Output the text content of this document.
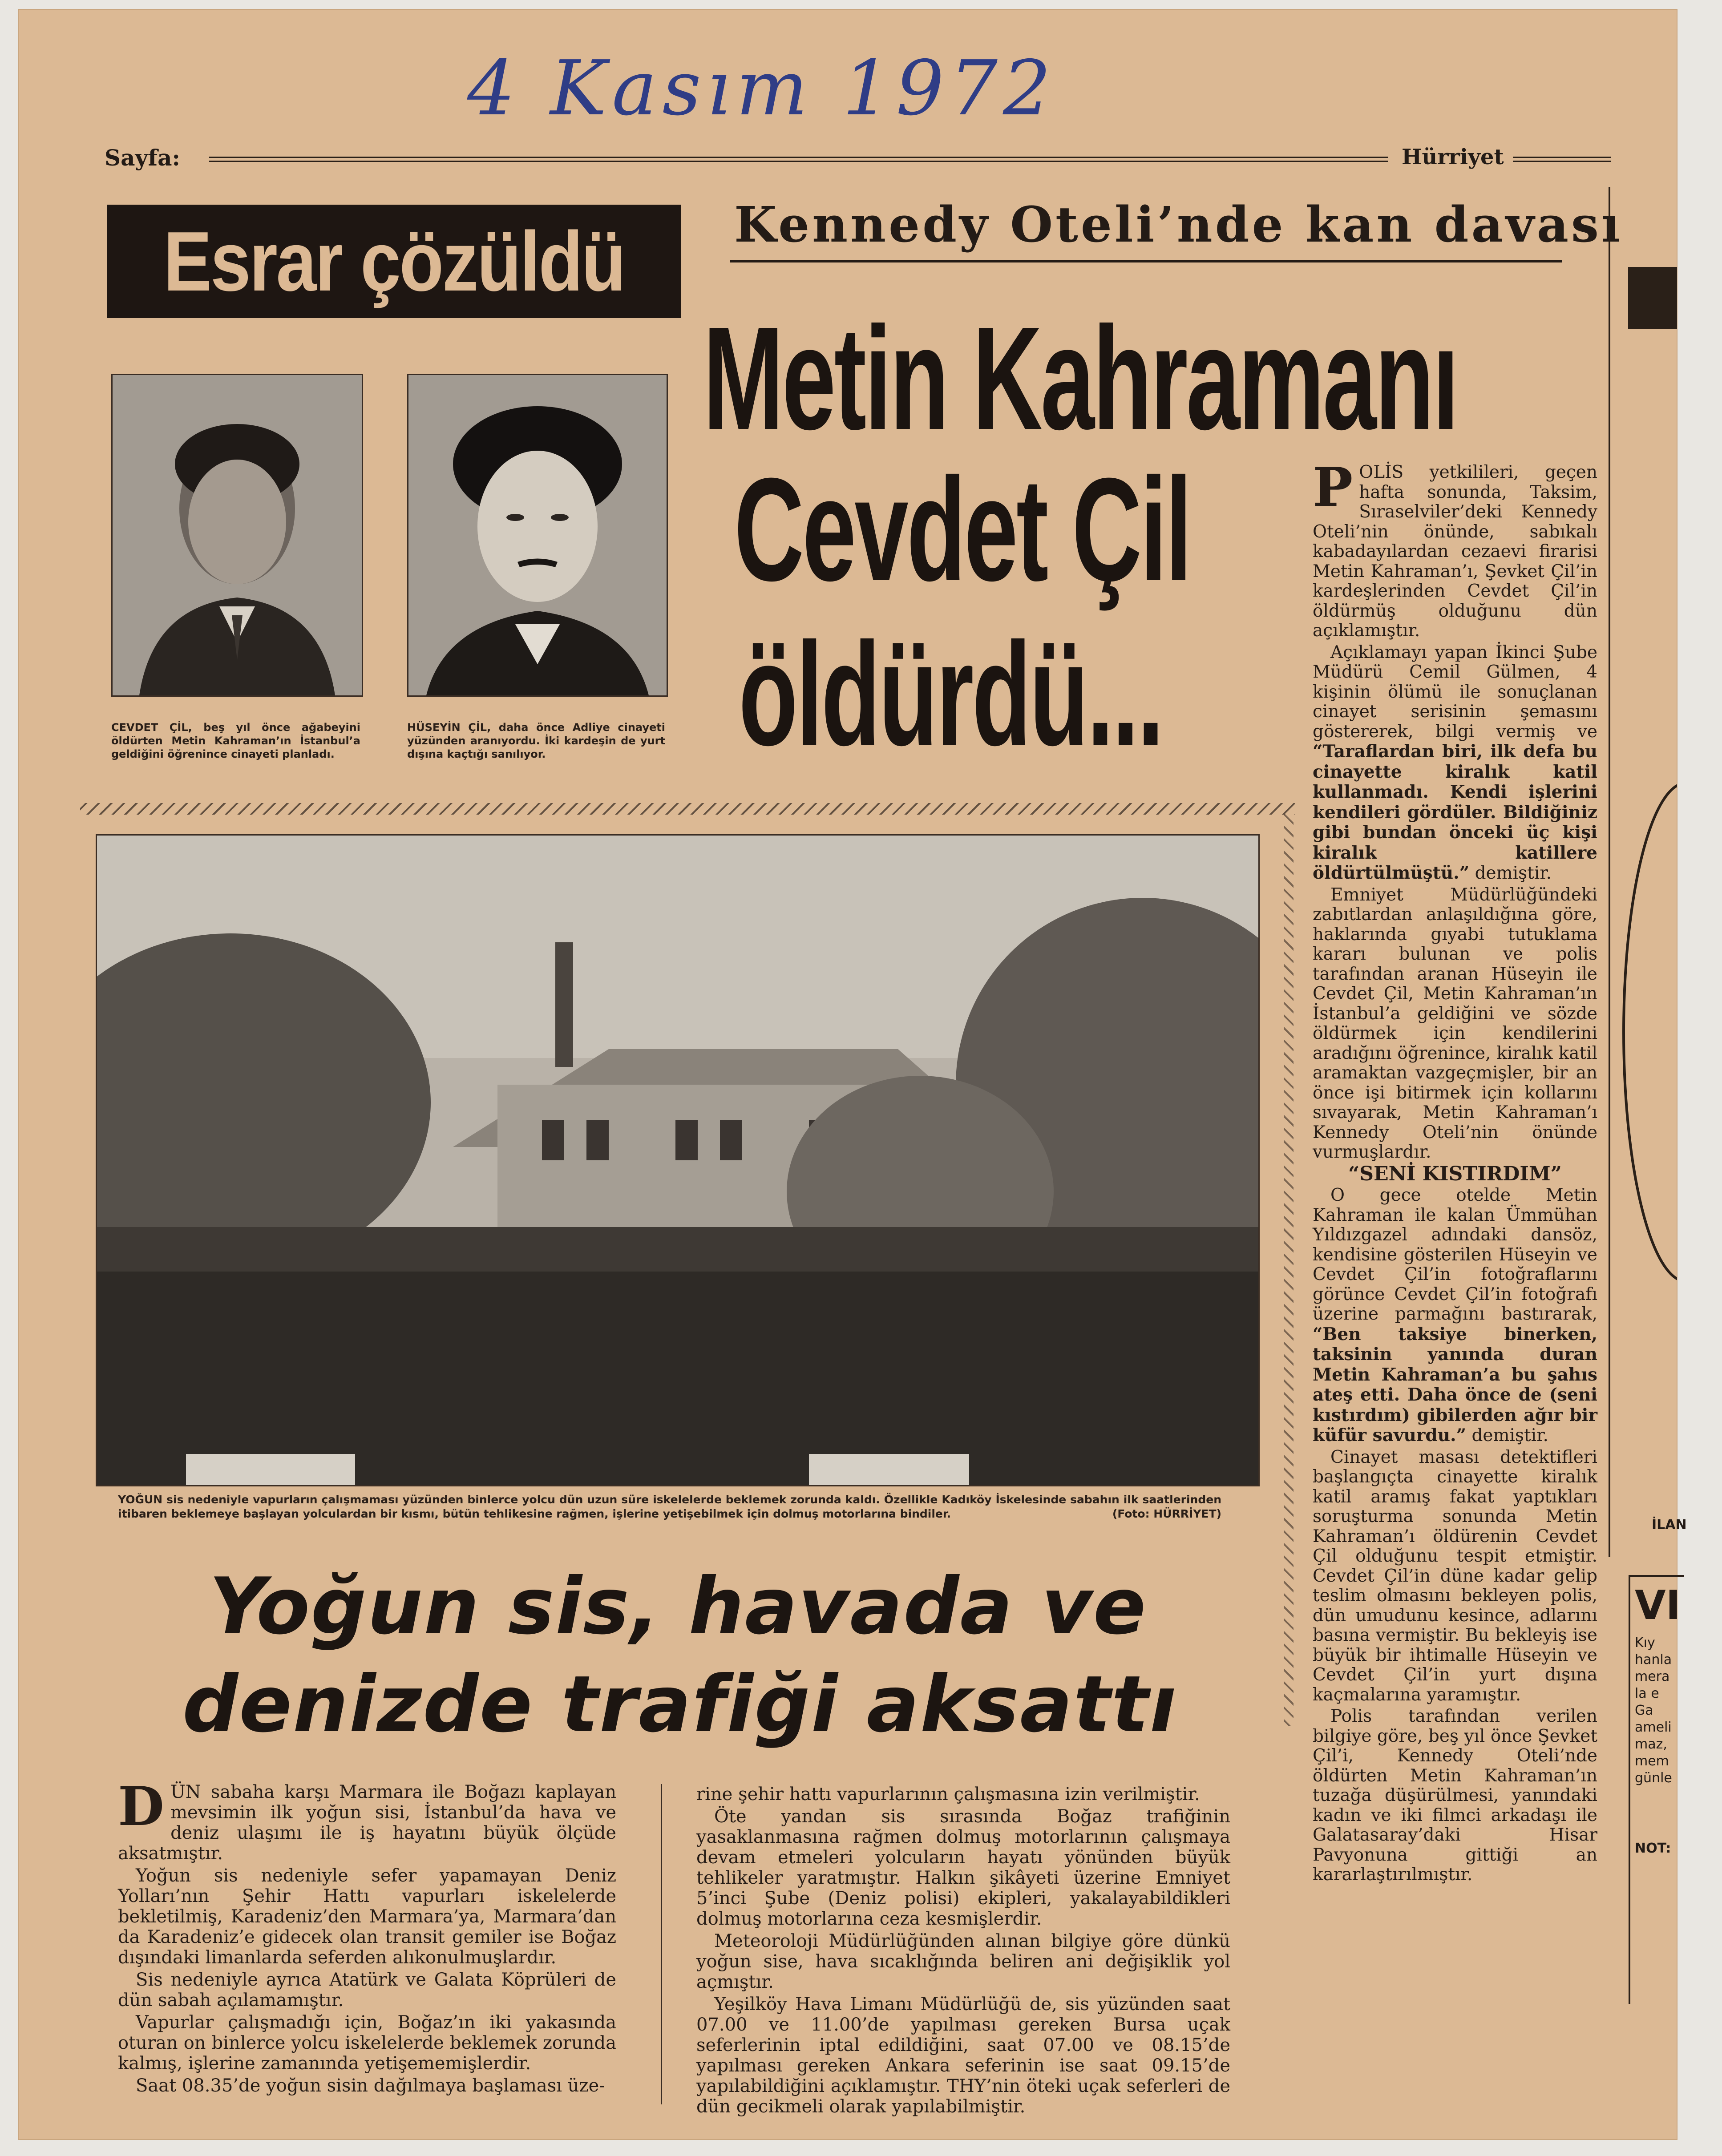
4 Kasım 1972
Sayfa:	Hürriyet
Esrar çözüldü Kennedy Oteli’nde kan davası
Metin Kahramanı
Cevdet Çil
öldürdü...
CEVDET ÇİL, beş yıl önce ağabeyini öldürten Metin Kahraman’ın İstanbul’a geldiğini öğrenince cinayeti planladı.
HÜSEYİN ÇİL, daha önce Adliye cinayeti yüzünden aranıyordu. İki kardeşin de yurt dışına kaçtığı sanılıyor.
YOĞUN sis nedeniyle vapurların çalışmaması yüzünden binlerce yolcu dün uzun süre iskelelerde beklemek zorunda kaldı. Özellikle Kadıköy İskelesinde sabahın ilk saatlerinden itibaren beklemeye başlayan yolculardan bir kısmı, bütün tehlikesine rağmen, işlerine yetişebilmek için dolmuş motorlarına bindiler.	(Foto: HÜRRİYET)
Yoğun sis, havada ve
denizde trafiği aksattı

DÜN sabaha karşı Marmara ile Boğazı kaplayan mevsimin ilk yoğun sisi, İstanbul’da hava ve deniz ulaşımı ile iş hayatını büyük ölçüde aksatmıştır.

Yoğun sis nedeniyle sefer yapamayan Deniz Yolları’nın Şehir Hattı vapurları iskelelerde bekletilmiş, Karadeniz’den Marmara’ya, Marmara’dan da Karadeniz’e gidecek olan transit gemiler ise Boğaz dışındaki limanlarda seferden alıkonulmuşlardır.

Sis nedeniyle ayrıca Atatürk ve Galata Köprüleri de dün sabah açılamamıştır.

Vapurlar çalışmadığı için, Boğaz’ın iki yakasında oturan on binlerce yolcu iskelelerde beklemek zorunda kalmış, işlerine zamanında yetişememişlerdir.

Saat 08.35’de yoğun sisin dağılmaya başlaması üze-

rine şehir hattı vapurlarının çalışmasına izin verilmiştir.

Öte yandan sis sırasında Boğaz trafiğinin yasaklanmasına rağmen dolmuş motorlarının çalışmaya devam etmeleri yolcuların hayatı yönünden büyük tehlikeler yaratmıştır. Halkın şikâyeti üzerine Emniyet 5’inci Şube (Deniz polisi) ekipleri, yakalayabildikleri dolmuş motorlarına ceza kesmişlerdir.

Meteoroloji Müdürlüğünden alınan bilgiye göre dünkü yoğun sise, hava sıcaklığında beliren ani değişiklik yol açmıştır.

Yeşilköy Hava Limanı Müdürlüğü de, sis yüzünden saat 07.00 ve 11.00’de yapılması gereken Bursa uçak seferlerinin iptal edildiğini, saat 07.00 ve 08.15’de yapılması gereken Ankara seferinin ise saat 09.15’de yapılabildiğini açıklamıştır. THY’nin öteki uçak seferleri de dün gecikmeli olarak yapılabilmiştir.

POLİS yetkilileri, geçen hafta sonunda, Taksim, Sıraselviler’deki Kennedy Oteli’nin önünde, sabıkalı kabadayılardan cezaevi firarisi Metin Kahraman’ı, Şevket Çil’in kardeşlerinden Cevdet Çil’in öldürmüş olduğunu dün açıklamıştır.

Açıklamayı yapan İkinci Şube Müdürü Cemil Gülmen, 4 kişinin ölümü ile sonuçlanan cinayet serisinin şemasını göstererek, bilgi vermiş ve “Taraflardan biri, ilk defa bu cinayette kiralık katil kullanmadı. Kendi işlerini kendileri gördüler. Bildiğiniz gibi bundan önceki üç kişi kiralık katillere öldürtülmüştü.” demiştir.

Emniyet Müdürlüğündeki zabıtlardan anlaşıldığına göre, haklarında gıyabi tutuklama kararı bulunan ve polis tarafından aranan Hüseyin ile Cevdet Çil, Metin Kahraman’ın İstanbul’a geldiğini ve sözde öldürmek için kendilerini aradığını öğrenince, kiralık katil aramaktan vazgeçmişler, bir an önce işi bitirmek için kollarını sıvayarak, Metin Kahraman’ı Kennedy Oteli’nin önünde vurmuşlardır.

“SENİ KISTIRDIM”

O gece otelde Metin Kahraman ile kalan Ümmühan Yıldızgazel adındaki dansöz, kendisine gösterilen Hüseyin ve Cevdet Çil’in fotoğraflarını görünce Cevdet Çil’in fotoğrafı üzerine parmağını bastırarak, “Ben taksiye binerken, taksinin yanında duran Metin Kahraman’a bu şahıs ateş etti. Daha önce de (seni kıstırdım) gibilerden ağır bir küfür savurdu.” demiştir.

Cinayet masası detektifleri başlangıçta cinayette kiralık katil aramış fakat yaptıkları soruşturma sonunda Metin Kahraman’ı öldürenin Cevdet Çil olduğunu tespit etmiştir. Cevdet Çil’in düne kadar gelip teslim olmasını bekleyen polis, dün umudunu kesince, adlarını basına vermiştir. Bu bekleyiş ise büyük bir ihtimalle Hüseyin ve Cevdet Çil’in yurt dışına kaçmalarına yaramıştır.

Polis tarafından verilen bilgiye göre, beş yıl önce Şevket Çil’i, Kennedy Oteli’nde öldürten Metin Kahraman’ın tuzağa düşürülmesi, yanındaki kadın ve iki filmci arkadaşı ile Galatasaray’daki Hisar Pavyonuna gittiği an kararlaştırılmıştır.

İLAN
VI
Kıy
hanla
mera
la e
Ga
ameli
maz,
mem
günle
NOT:
